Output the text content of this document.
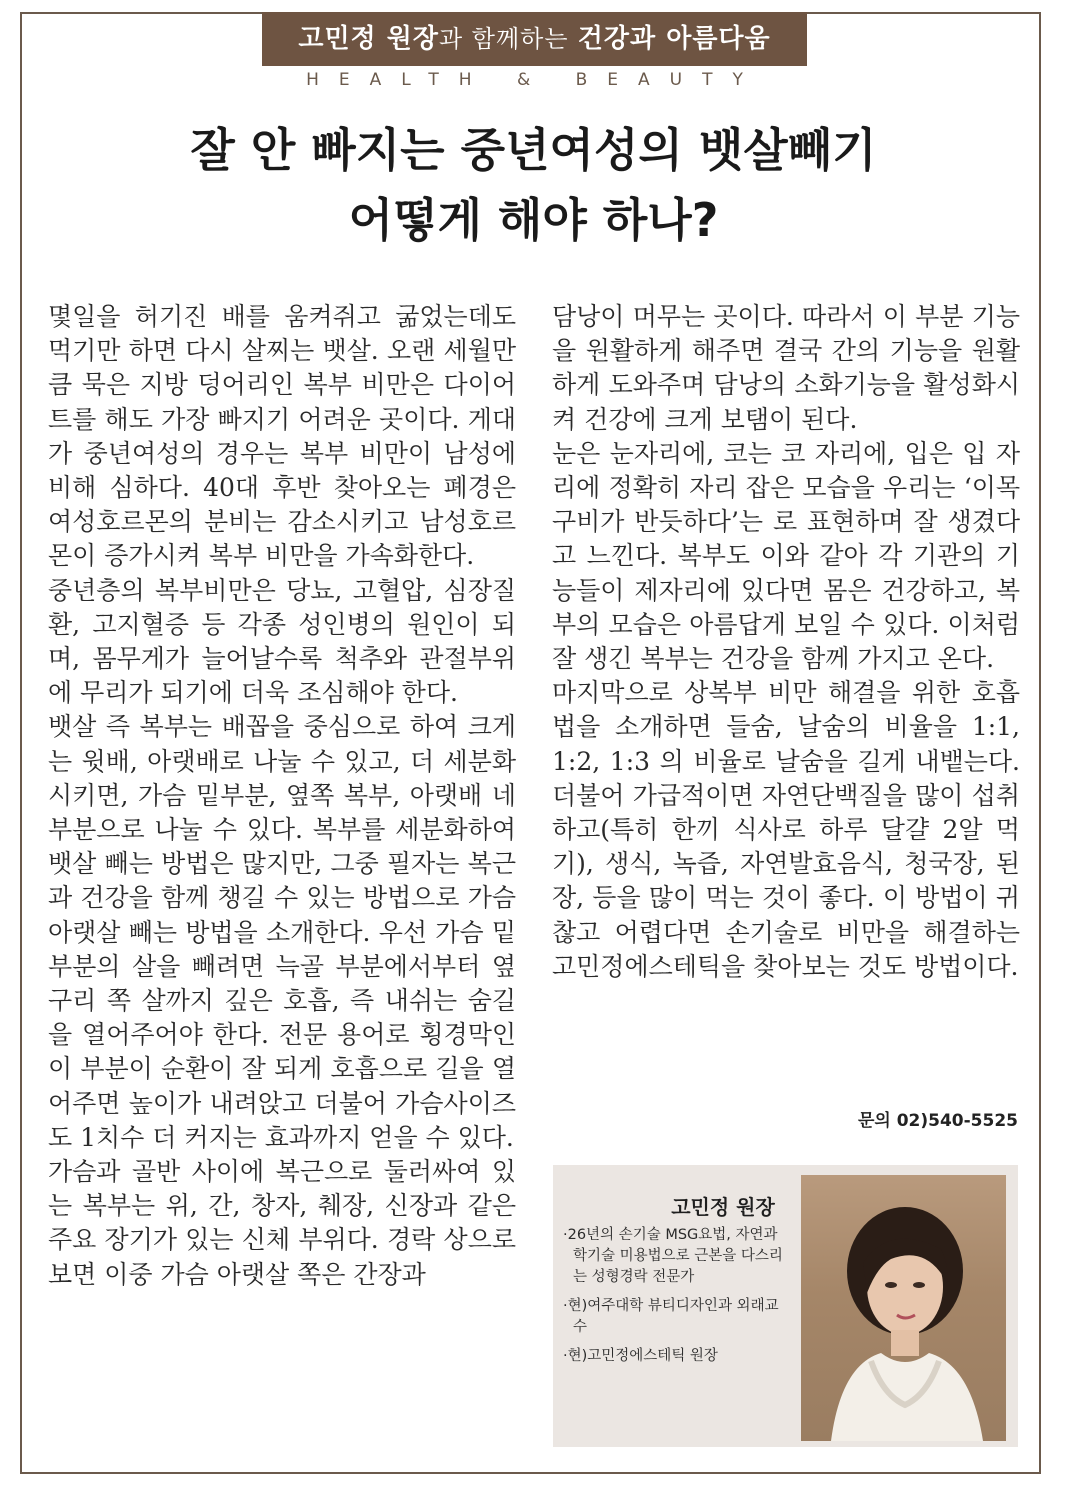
고민정 원장과 함께하는 건강과 아름다움
HEALTH & BEAUTY
잘 안 빠지는 중년여성의 뱃살빼기
어떻게 해야 하나?

몇일을 허기진 배를 움켜쥐고 굶었는데도 먹기만 하면 다시 살찌는 뱃살. 오랜 세월만큼 묵은 지방 덩어리인 복부 비만은 다이어트를 해도 가장 빠지기 어려운 곳이다. 게대가 중년여성의 경우는 복부 비만이 남성에 비해 심하다. 40대 후반 찾아오는 폐경은 여성호르몬의 분비는 감소시키고 남성호르몬이 증가시켜 복부 비만을 가속화한다.

중년층의 복부비만은 당뇨, 고혈압, 심장질환, 고지혈증 등 각종 성인병의 원인이 되며, 몸무게가 늘어날수록 척추와 관절부위에 무리가 되기에 더욱 조심해야 한다.

뱃살 즉 복부는 배꼽을 중심으로 하여 크게는 윗배, 아랫배로 나눌 수 있고, 더 세분화시키면, 가슴 밑부분, 옆쪽 복부, 아랫배 네 부분으로 나눌 수 있다. 복부를 세분화하여 뱃살 빼는 방법은 많지만, 그중 필자는 복근과 건강을 함께 챙길 수 있는 방법으로 가슴 아랫살 빼는 방법을 소개한다. 우선 가슴 밑 부분의 살을 빼려면 늑골 부분에서부터 옆구리 쪽 살까지 깊은 호흡, 즉 내쉬는 숨길을 열어주어야 한다. 전문 용어로 횡경막인 이 부분이 순환이 잘 되게 호흡으로 길을 열어주면 높이가 내려앉고 더불어 가슴사이즈도 1치수 더 커지는 효과까지 얻을 수 있다.

가슴과 골반 사이에 복근으로 둘러싸여 있는 복부는 위, 간, 창자, 췌장, 신장과 같은 주요 장기가 있는 신체 부위다. 경락 상으로 보면 이중 가슴 아랫살 쪽은 간장과

담낭이 머무는 곳이다. 따라서 이 부분 기능을 원활하게 해주면 결국 간의 기능을 원활하게 도와주며 담낭의 소화기능을 활성화시켜 건강에 크게 보탬이 된다.

눈은 눈자리에, 코는 코 자리에, 입은 입 자리에 정확히 자리 잡은 모습을 우리는 ‘이목구비가 반듯하다’는 로 표현하며 잘 생겼다고 느낀다. 복부도 이와 같아 각 기관의 기능들이 제자리에 있다면 몸은 건강하고, 복부의 모습은 아름답게 보일 수 있다. 이처럼 잘 생긴 복부는 건강을 함께 가지고 온다.

마지막으로 상복부 비만 해결을 위한 호흡법을 소개하면 들숨, 날숨의 비율을 1:1, 1:2, 1:3 의 비율로 날숨을 길게 내뱉는다. 더불어 가급적이면 자연단백질을 많이 섭취하고(특히 한끼 식사로 하루 달걀 2알 먹기), 생식, 녹즙, 자연발효음식, 청국장, 된장, 등을 많이 먹는 것이 좋다. 이 방법이 귀찮고 어렵다면 손기술로 비만을 해결하는 고민정에스테틱을 찾아보는 것도 방법이다.

문의 02)540-5525
고민정 원장
·26년의 손기술 MSG요법, 자연과학기술 미용법으로 근본을 다스리는 성형경락 전문가
·현)여주대학 뷰티디자인과 외래교수
·현)고민정에스테틱 원장
